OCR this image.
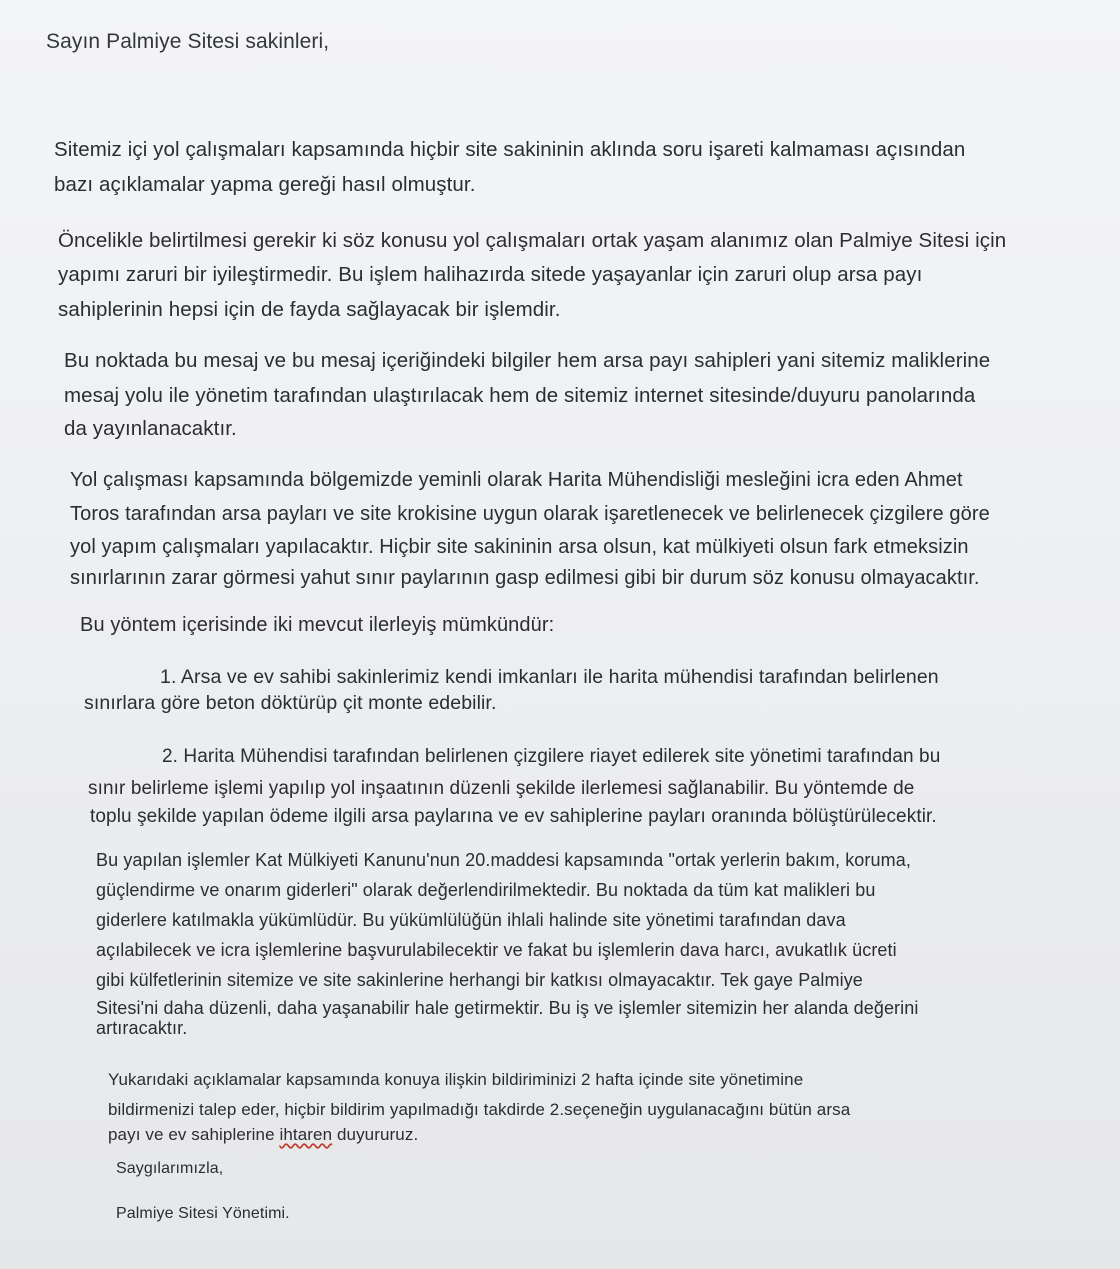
Sayın Palmiye Sitesi sakinleri,
Sitemiz içi yol çalışmaları kapsamında hiçbir site sakininin aklında soru işareti kalmaması açısından
bazı açıklamalar yapma gereği hasıl olmuştur.
Öncelikle belirtilmesi gerekir ki söz konusu yol çalışmaları ortak yaşam alanımız olan Palmiye Sitesi için
yapımı zaruri bir iyileştirmedir. Bu işlem halihazırda sitede yaşayanlar için zaruri olup arsa payı
sahiplerinin hepsi için de fayda sağlayacak bir işlemdir.
Bu noktada bu mesaj ve bu mesaj içeriğindeki bilgiler hem arsa payı sahipleri yani sitemiz maliklerine
mesaj yolu ile yönetim tarafından ulaştırılacak hem de sitemiz internet sitesinde/duyuru panolarında
da yayınlanacaktır.
Yol çalışması kapsamında bölgemizde yeminli olarak Harita Mühendisliği mesleğini icra eden Ahmet
Toros tarafından arsa payları ve site krokisine uygun olarak işaretlenecek ve belirlenecek çizgilere göre
yol yapım çalışmaları yapılacaktır. Hiçbir site sakininin arsa olsun, kat mülkiyeti olsun fark etmeksizin
sınırlarının zarar görmesi yahut sınır paylarının gasp edilmesi gibi bir durum söz konusu olmayacaktır.
Bu yöntem içerisinde iki mevcut ilerleyiş mümkündür:
1. Arsa ve ev sahibi sakinlerimiz kendi imkanları ile harita mühendisi tarafından belirlenen
sınırlara göre beton döktürüp çit monte edebilir.
2. Harita Mühendisi tarafından belirlenen çizgilere riayet edilerek site yönetimi tarafından bu
sınır belirleme işlemi yapılıp yol inşaatının düzenli şekilde ilerlemesi sağlanabilir. Bu yöntemde de
toplu şekilde yapılan ödeme ilgili arsa paylarına ve ev sahiplerine payları oranında bölüştürülecektir.
Bu yapılan işlemler Kat Mülkiyeti Kanunu'nun 20.maddesi kapsamında "ortak yerlerin bakım, koruma,
güçlendirme ve onarım giderleri" olarak değerlendirilmektedir. Bu noktada da tüm kat malikleri bu
giderlere katılmakla yükümlüdür. Bu yükümlülüğün ihlali halinde site yönetimi tarafından dava
açılabilecek ve icra işlemlerine başvurulabilecektir ve fakat bu işlemlerin dava harcı, avukatlık ücreti
gibi külfetlerinin sitemize ve site sakinlerine herhangi bir katkısı olmayacaktır. Tek gaye Palmiye
Sitesi'ni daha düzenli, daha yaşanabilir hale getirmektir. Bu iş ve işlemler sitemizin her alanda değerini
artıracaktır.
Yukarıdaki açıklamalar kapsamında konuya ilişkin bildiriminizi 2 hafta içinde site yönetimine
bildirmenizi talep eder, hiçbir bildirim yapılmadığı takdirde 2.seçeneğin uygulanacağını bütün arsa
payı ve ev sahiplerine ihtaren duyururuz.
Saygılarımızla,
Palmiye Sitesi Yönetimi.
